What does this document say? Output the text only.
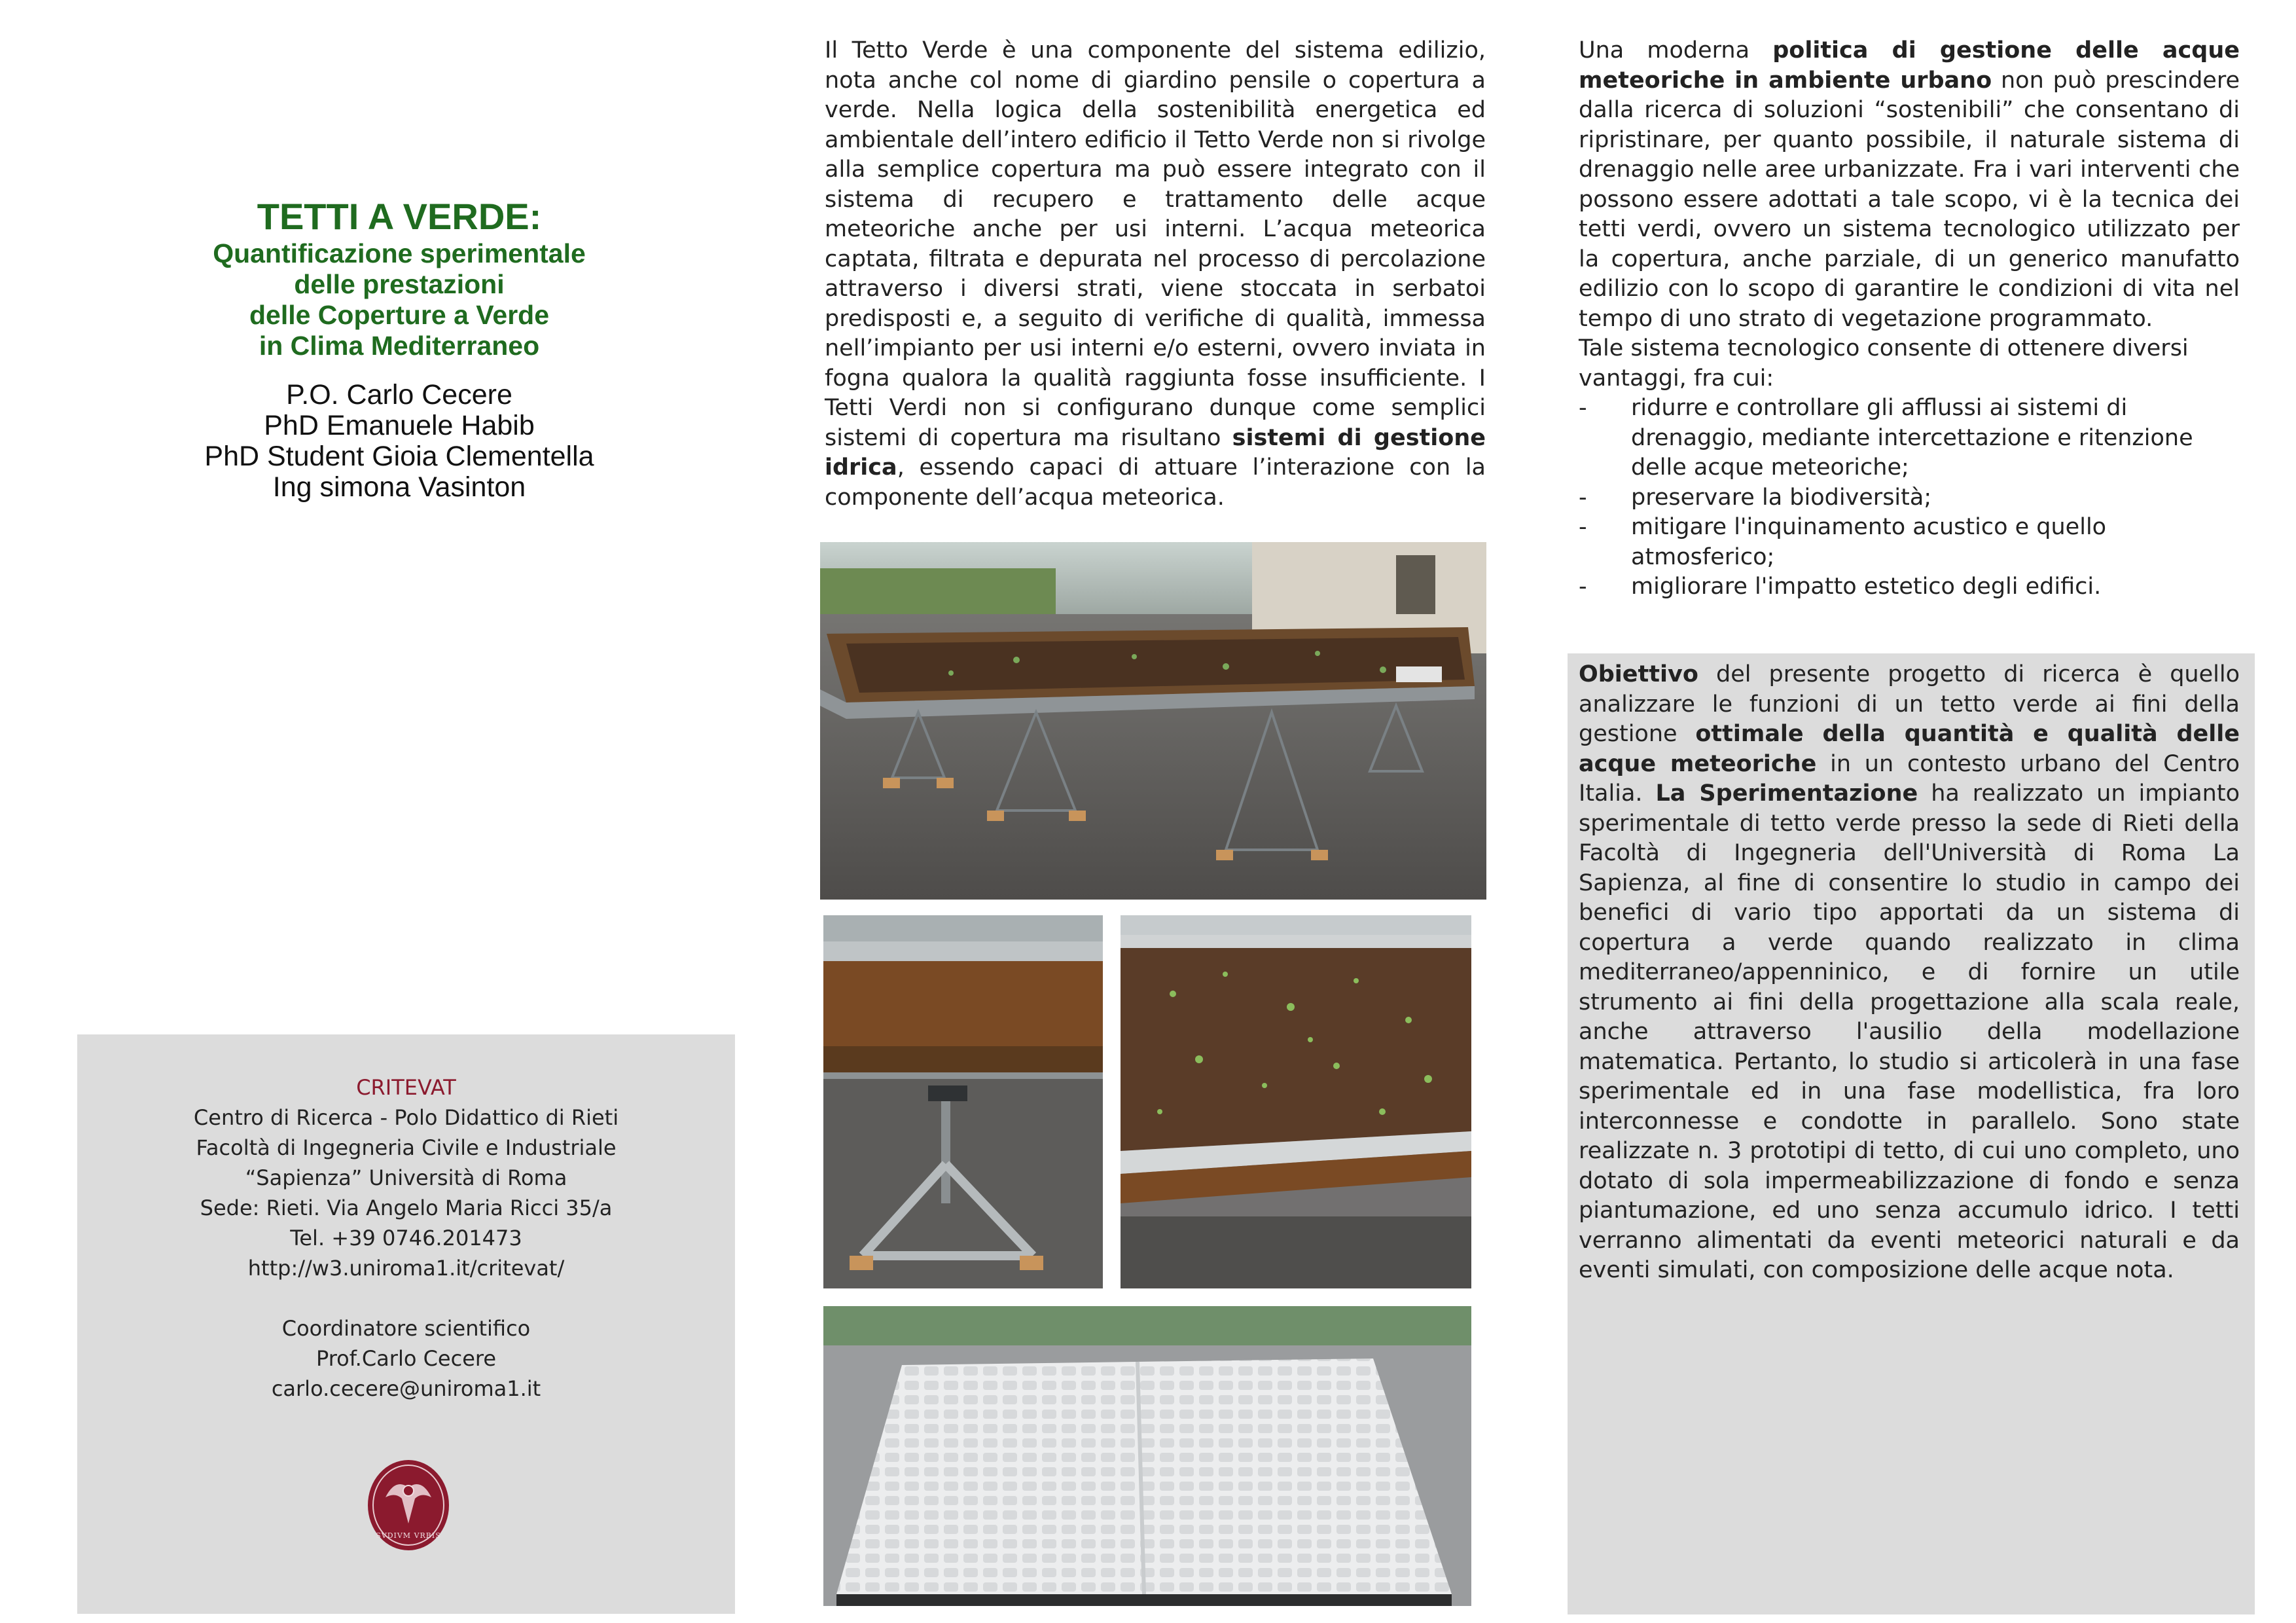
TETTI A VERDE:
Quantificazione sperimentale
delle prestazioni
delle Coperture a Verde
in Clima Mediterraneo
P.O. Carlo Cecere
PhD Emanuele Habib
PhD Student Gioia Clementella
Ing simona Vasinton
CRITEVAT
Centro di Ricerca - Polo Didattico di Rieti
Facoltà di Ingegneria Civile e Industriale
“Sapienza” Università di Roma
Sede: Rieti. Via Angelo Maria Ricci 35/a
Tel. +39 0746.201473
http://w3.uniroma1.it/critevat/
Coordinatore scientifico
Prof.Carlo Cecere
carlo.cecere@uniroma1.it
SVDIVM VRBIS
Il Tetto Verde è una componente del sistema edilizio, nota anche col nome di giardino pensile o copertura a verde. Nella logica della sostenibilità energetica ed ambientale dell’intero edificio il Tetto Verde non si rivolge alla semplice copertura ma può essere integrato con il sistema di recupero e trattamento delle acque meteoriche anche per usi interni. L’acqua meteorica captata, filtrata e depurata nel processo di percolazione attraverso i diversi strati, viene stoccata in serbatoi predisposti e, a seguito di verifiche di qualità, immessa nell’impianto per usi interni e/o esterni, ovvero inviata in fogna qualora la qualità raggiunta fosse insufficiente. I Tetti Verdi non si configurano dunque come semplici sistemi di copertura ma risultano sistemi di gestione idrica, essendo capaci di attuare l’interazione con la componente dell’acqua meteorica.
Una moderna politica di gestione delle acque meteoriche in ambiente urbano non può prescindere dalla ricerca di soluzioni “sostenibili” che consentano di ripristinare, per quanto possibile, il naturale sistema di drenaggio nelle aree urbanizzate. Fra i vari interventi che possono essere adottati a tale scopo, vi è la tecnica dei tetti verdi, ovvero un sistema tecnologico utilizzato per la copertura, anche parziale, di un generico manufatto edilizio con lo scopo di garantire le condizioni di vita nel tempo di uno strato di vegetazione programmato.
Tale sistema tecnologico consente di ottenere diversi vantaggi, fra cui:
- ridurre e controllare gli afflussi ai sistemi di drenaggio, mediante intercettazione e ritenzione delle acque meteoriche;
- preservare la biodiversità;
- mitigare l'inquinamento acustico e quello atmosferico;
- migliorare l'impatto estetico degli edifici.
Obiettivo del presente progetto di ricerca è quello analizzare le funzioni di un tetto verde ai fini della gestione ottimale della quantità e qualità delle acque meteoriche in un contesto urbano del Centro Italia. La Sperimentazione ha realizzato un impianto sperimentale di tetto verde presso la sede di Rieti della Facoltà di Ingegneria dell'Università di Roma La Sapienza, al fine di consentire lo studio in campo dei benefici di vario tipo apportati da un sistema di copertura a verde quando realizzato in clima mediterraneo/appenninico, e di fornire un utile strumento ai fini della progettazione alla scala reale, anche attraverso l'ausilio della modellazione matematica. Pertanto, lo studio si articolerà in una fase sperimentale ed in una fase modellistica, fra loro interconnesse e condotte in parallelo. Sono state realizzate n. 3 prototipi di tetto, di cui uno completo, uno dotato di sola impermeabilizzazione di fondo e senza piantumazione, ed uno senza accumulo idrico. I tetti verranno alimentati da eventi meteorici naturali e da eventi simulati, con composizione delle acque nota.
